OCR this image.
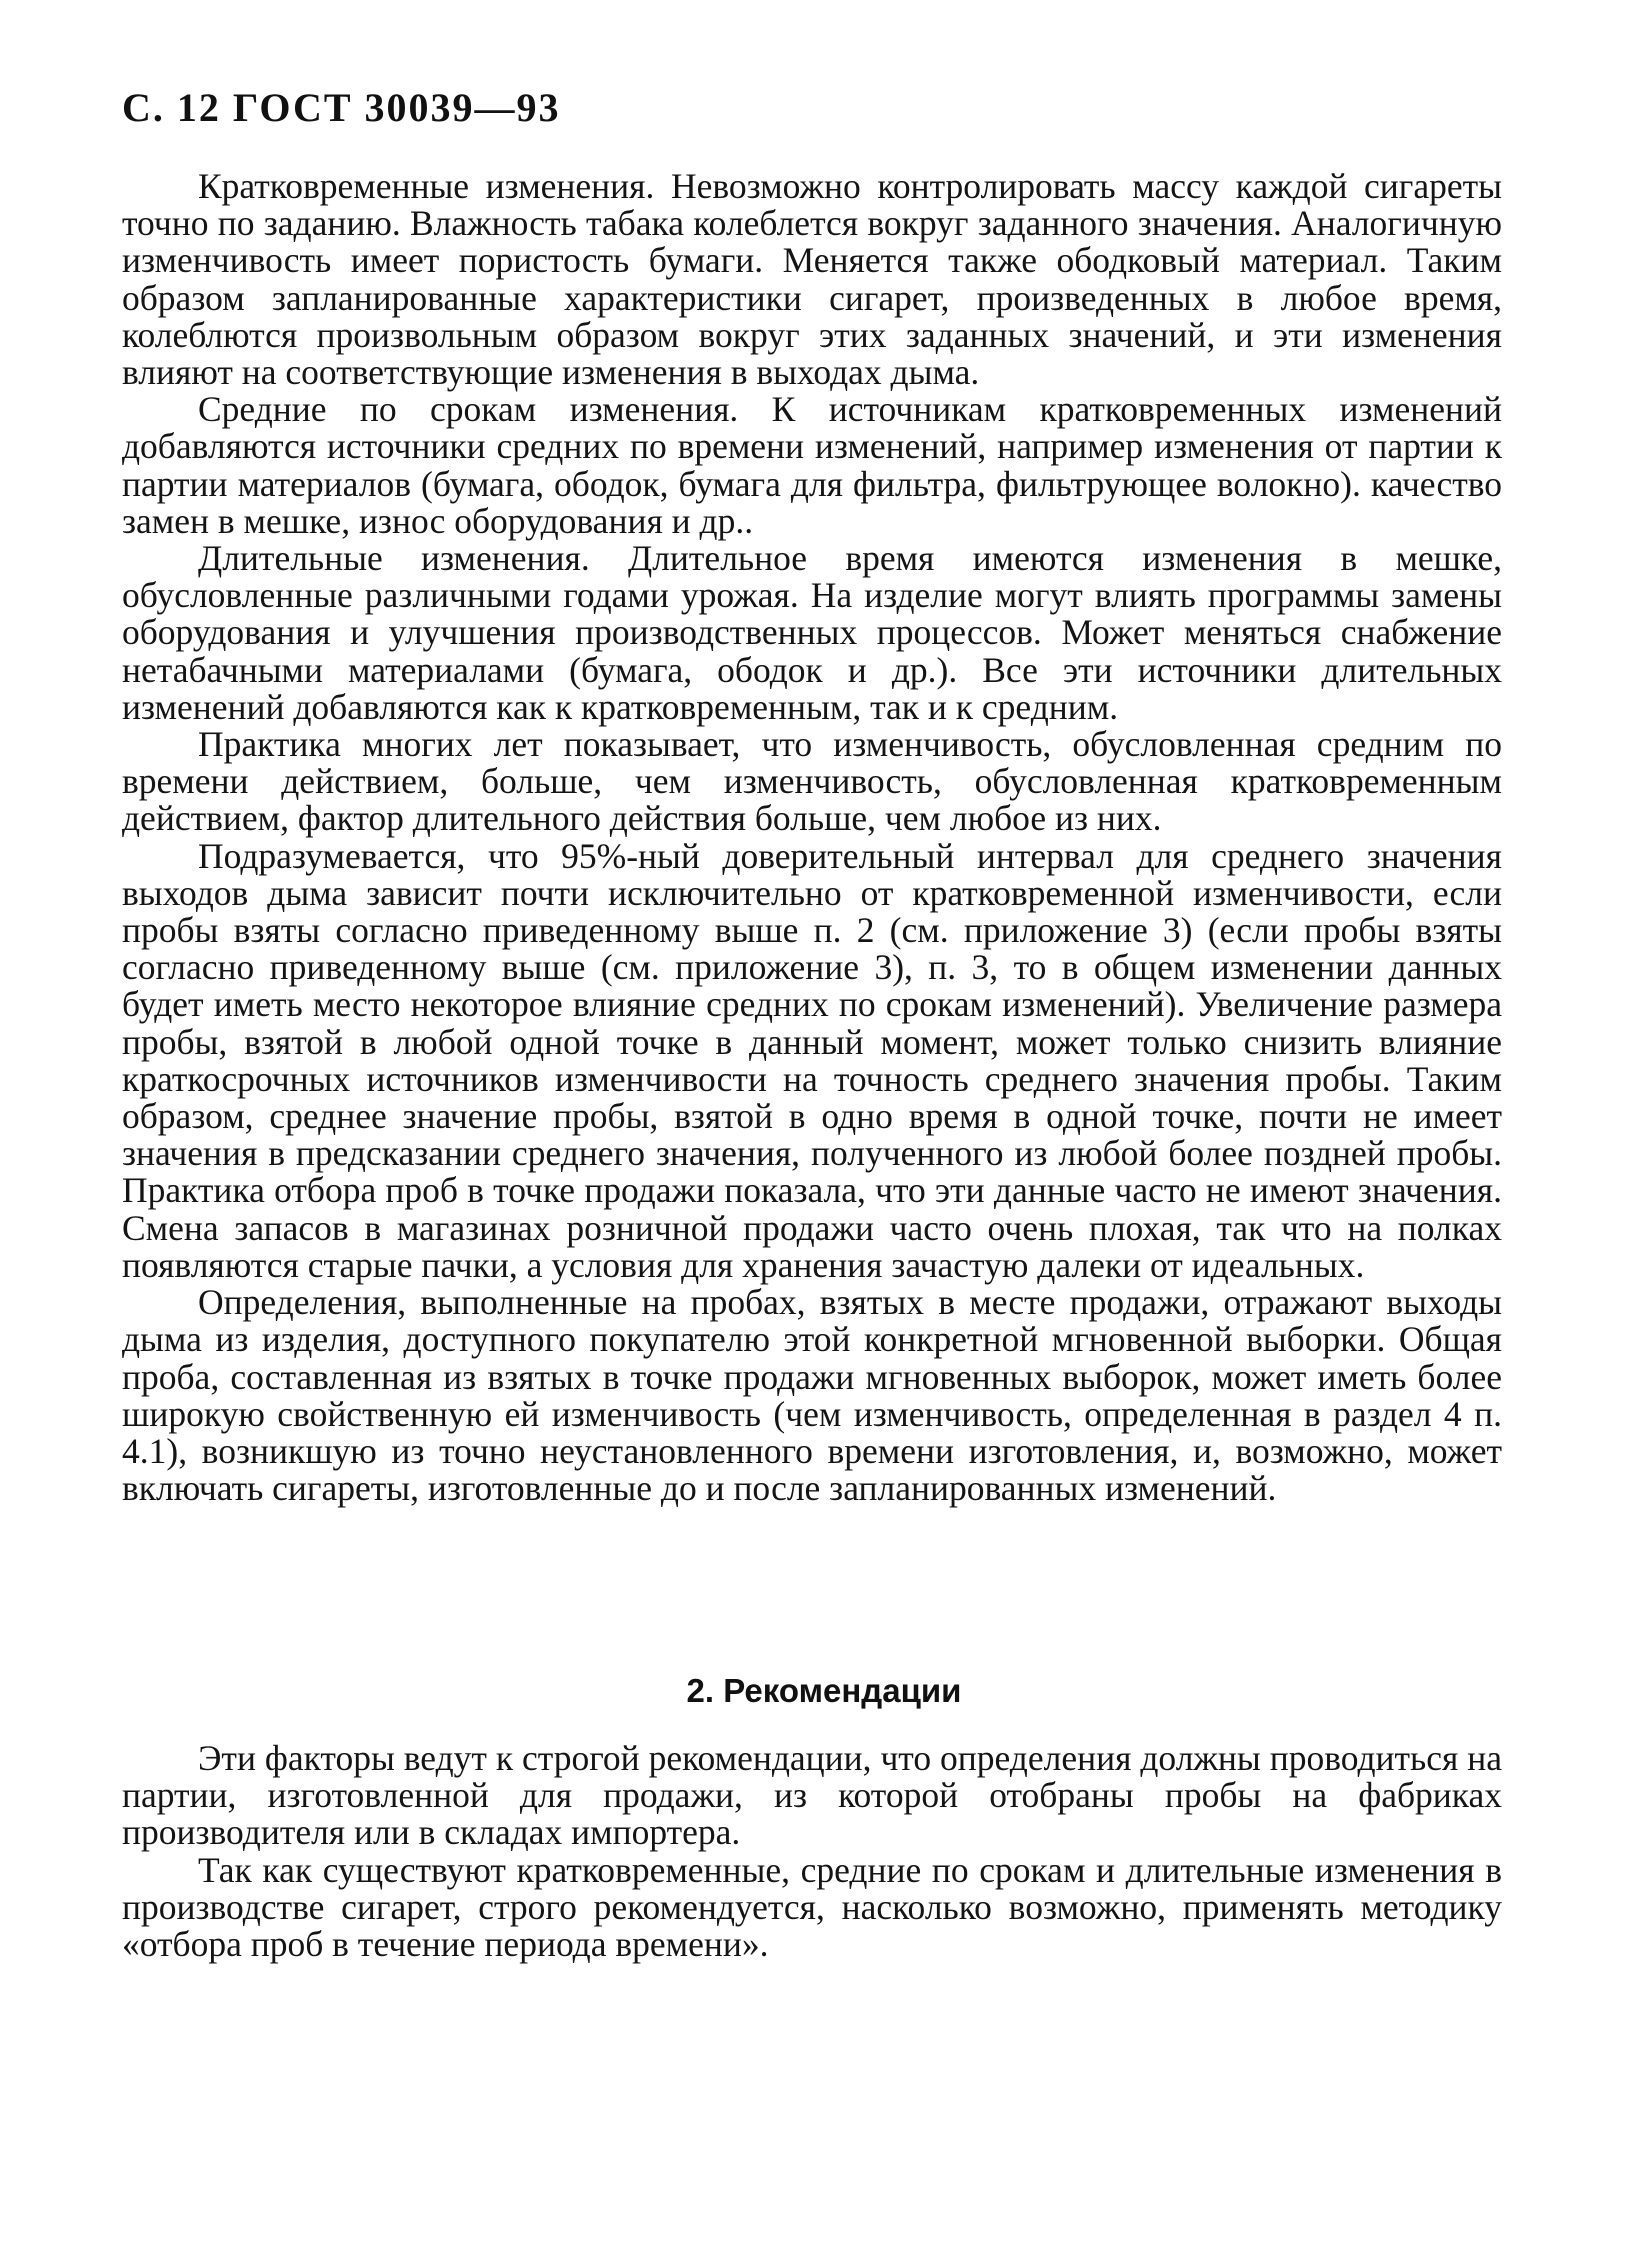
С. 12 ГОСТ 30039—93

Кратковременные изменения. Невозможно контролировать массу каждой сигареты точно по заданию. Влажность табака колеблется вокруг заданного значения. Аналогичную изменчивость имеет пористость бумаги. Меняется также ободковый материал. Таким образом запланированные характеристики сигарет, произведенных в любое время, колеблются произвольным образом вокруг этих заданных значений, и эти изменения влияют на соответствующие изменения в выходах дыма.

Средние по срокам изменения. К источникам кратковременных изменений добавляются источники средних по времени изменений, например изменения от партии к партии материалов (бумага, ободок, бумага для фильтра, фильтрующее волокно). качество замен в мешке, износ оборудования и др..

Длительные изменения. Длительное время имеются изменения в мешке, обусловленные различными годами урожая. На изделие могут влиять программы замены оборудования и улучшения производственных процессов. Может меняться снабжение нетабачными материалами (бумага, ободок и др.). Все эти источники длительных изменений добавляются как к кратковременным, так и к средним.

Практика многих лет показывает, что изменчивость, обусловленная средним по времени действием, больше, чем изменчивость, обусловленная кратковременным действием, фактор длительного действия больше, чем любое из них.

Подразумевается, что 95%-ный доверительный интервал для среднего значения выходов дыма зависит почти исключительно от кратковременной изменчивости, если пробы взяты согласно приведенному выше п. 2 (см. приложение 3) (если пробы взяты согласно приведенному выше (см. приложение 3), п. 3, то в общем изменении данных будет иметь место некоторое влияние средних по срокам изменений). Увеличение размера пробы, взятой в любой одной точке в данный момент, может только снизить влияние краткосрочных источников изменчивости на точность среднего значения пробы. Таким образом, среднее значение пробы, взятой в одно время в одной точке, почти не имеет значения в предсказании среднего значения, полученного из любой более поздней пробы. Практика отбора проб в точке продажи показала, что эти данные часто не имеют значения. Смена запасов в магазинах розничной продажи часто очень плохая, так что на полках появляются старые пачки, а условия для хранения зачастую далеки от идеальных.

Определения, выполненные на пробах, взятых в месте продажи, отражают выходы дыма из изделия, доступного покупателю этой конкретной мгновенной выборки. Общая проба, составленная из взятых в точке продажи мгновенных выборок, может иметь более широкую свойственную ей изменчивость (чем изменчивость, определенная в раздел 4 п. 4.1), возникшую из точно неустановленного времени изготовления, и, возможно, может включать сигареты, изготовленные до и после запланированных изменений.

2. Рекомендации

Эти факторы ведут к строгой рекомендации, что определения должны проводиться на партии, изготовленной для продажи, из которой отобраны пробы на фабриках производителя или в складах импортера.

Так как существуют кратковременные, средние по срокам и длительные изменения в производстве сигарет, строго рекомендуется, насколько возможно, применять методику «отбора проб в течение периода времени».
